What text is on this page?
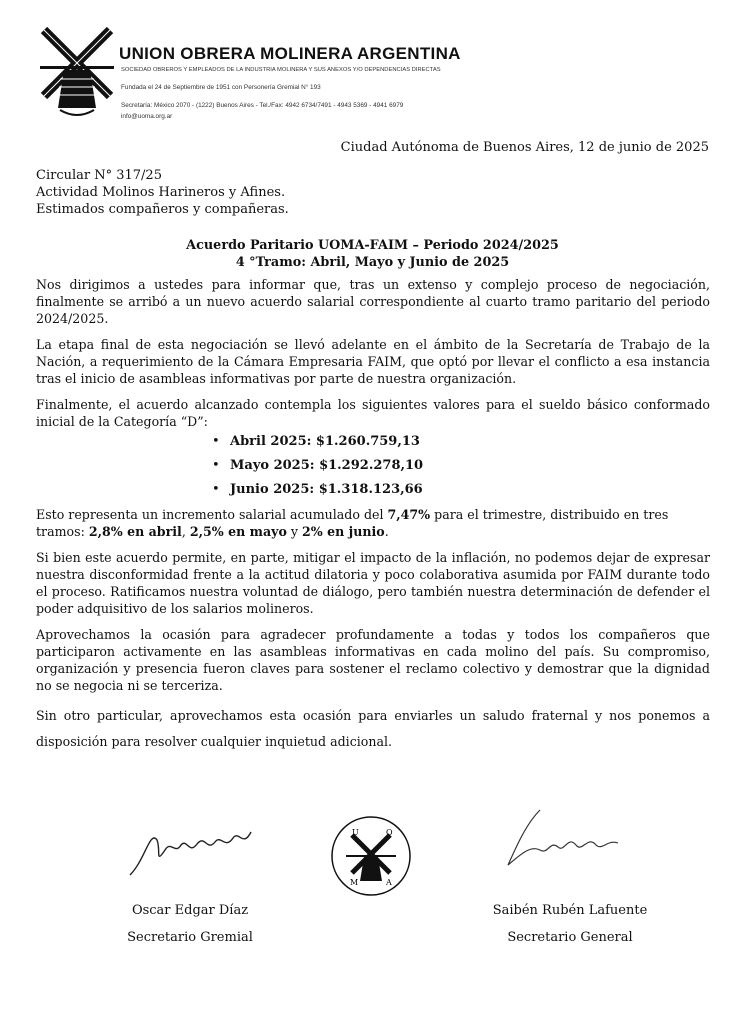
UNION OBRERA MOLINERA ARGENTINA
SOCIEDAD OBREROS Y EMPLEADOS DE LA INDUSTRIA MOLINERA Y SUS ANEXOS Y/O DEPENDENCIAS DIRECTAS
Fundada el 24 de Septiembre de 1951 con Personería Gremial N° 193
Secretaría: México 2070 - (1222) Buenos Aires - Tel./Fax: 4942 6734/7491 - 4943 5369 - 4941 6979
info@uoma.org.ar
Ciudad Autónoma de Buenos Aires, 12 de junio de 2025
Circular N° 317/25
Actividad Molinos Harineros y Afines.
Estimados compañeros y compañeras.
Acuerdo Paritario UOMA-FAIM – Periodo 2024/2025
4 °Tramo: Abril, Mayo y Junio de 2025

Nos dirigimos a ustedes para informar que, tras un extenso y complejo proceso de negociación, finalmente se arribó a un nuevo acuerdo salarial correspondiente al cuarto tramo paritario del periodo 2024/2025.

La etapa final de esta negociación se llevó adelante en el ámbito de la Secretaría de Trabajo de la Nación, a requerimiento de la Cámara Empresaria FAIM, que optó por llevar el conflicto a esa instancia tras el inicio de asambleas informativas por parte de nuestra organización.

Finalmente, el acuerdo alcanzado contempla los siguientes valores para el sueldo básico conformado inicial de la Categoría “D”:

• Abril 2025: $1.260.759,13
• Mayo 2025: $1.292.278,10
• Junio 2025: $1.318.123,66

Esto representa un incremento salarial acumulado del 7,47% para el trimestre, distribuido en tres tramos: 2,8% en abril, 2,5% en mayo y 2% en junio.

Si bien este acuerdo permite, en parte, mitigar el impacto de la inflación, no podemos dejar de expresar nuestra disconformidad frente a la actitud dilatoria y poco colaborativa asumida por FAIM durante todo el proceso. Ratificamos nuestra voluntad de diálogo, pero también nuestra determinación de defender el poder adquisitivo de los salarios molineros.

Aprovechamos la ocasión para agradecer profundamente a todas y todos los compañeros que participaron activamente en las asambleas informativas en cada molino del país. Su compromiso, organización y presencia fueron claves para sostener el reclamo colectivo y demostrar que la dignidad no se negocia ni se terceriza.

Sin otro particular, aprovechamos esta ocasión para enviarles un saludo fraternal y nos ponemos a disposición para resolver cualquier inquietud adicional.

U	O
M	A
Oscar Edgar Díaz
Secretario Gremial
Saibén Rubén Lafuente
Secretario General
